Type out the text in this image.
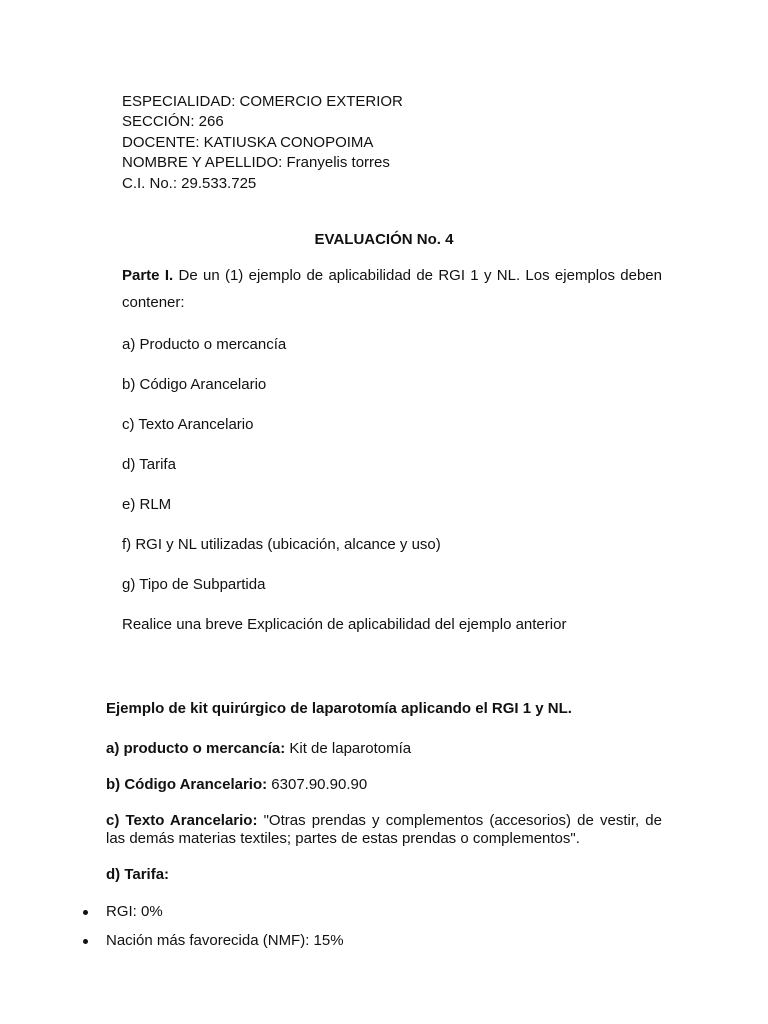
ESPECIALIDAD: COMERCIO EXTERIOR
SECCIÓN: 266
DOCENTE: KATIUSKA CONOPOIMA
NOMBRE Y APELLIDO: Franyelis torres
C.I. No.: 29.533.725
EVALUACIÓN No. 4
Parte I. De un (1) ejemplo de aplicabilidad de RGI 1 y NL. Los ejemplos deben contener:
a) Producto o mercancía
b) Código Arancelario
c) Texto Arancelario
d) Tarifa
e) RLM
f) RGI y NL utilizadas (ubicación, alcance y uso)
g) Tipo de Subpartida
Realice una breve Explicación de aplicabilidad del ejemplo anterior
Ejemplo de kit quirúrgico de laparotomía aplicando el RGI 1 y NL.
a) producto o mercancía: Kit de laparotomía
b) Código Arancelario: 6307.90.90.90
c) Texto Arancelario: "Otras prendas y complementos (accesorios) de vestir, de las demás materias textiles; partes de estas prendas o complementos".
d) Tarifa:
RGI: 0%
Nación más favorecida (NMF): 15%
